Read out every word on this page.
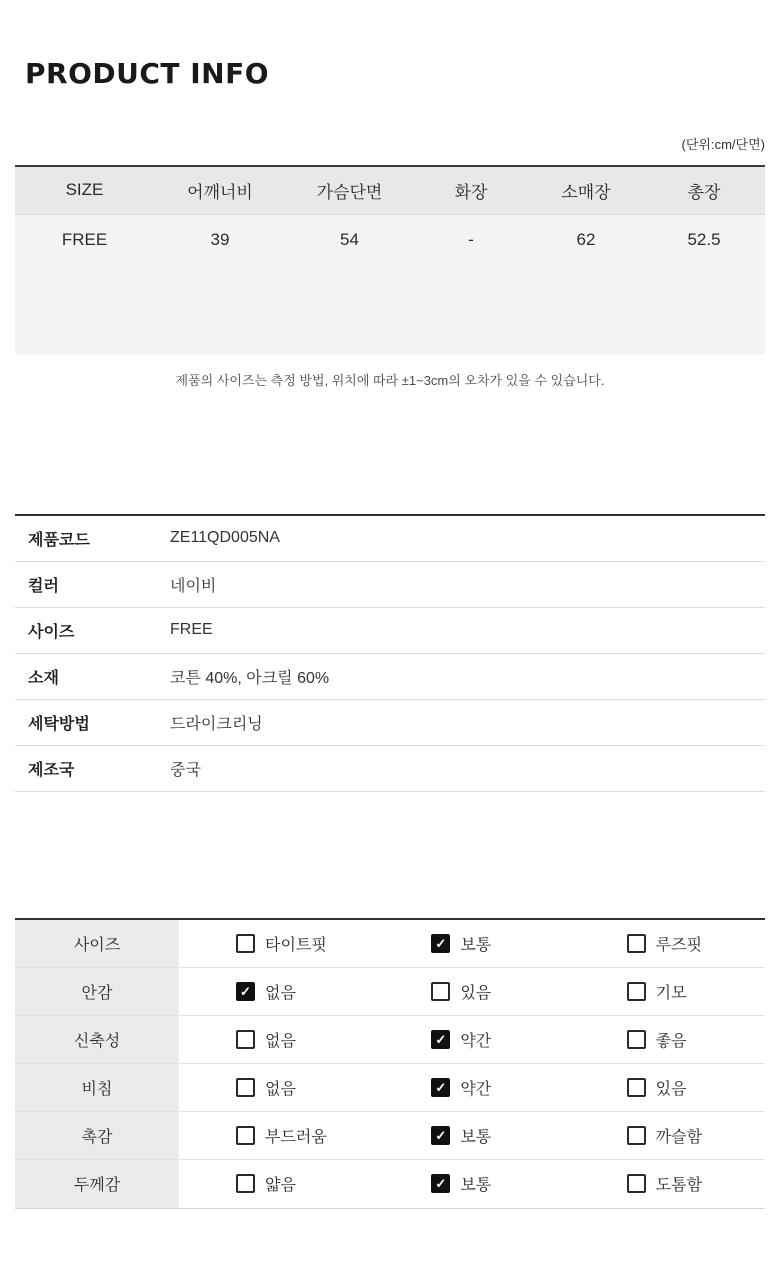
PRODUCT INFO
(단위:cm/단면)
SIZE	어깨너비	가슴단면	화장	소매장	총장
FREE	39	54	-	62	52.5
제품의 사이즈는 측정 방법, 위치에 따라 ±1~3cm의 오차가 있을 수 있습니다.
제품코드	ZE11QD005NA
컬러	네이비
사이즈	FREE
소재	코튼 40%, 아크릴 60%
세탁방법	드라이크리닝
제조국	중국
사이즈	타이트핏 ✓	보통	루즈핏
안감 ✓	없음	있음	기모
신축성	없음 ✓	약간	좋음
비침	없음 ✓	약간	있음
촉감	부드러움 ✓	보통	까슬함
두께감	얇음 ✓	보통	도톰함
